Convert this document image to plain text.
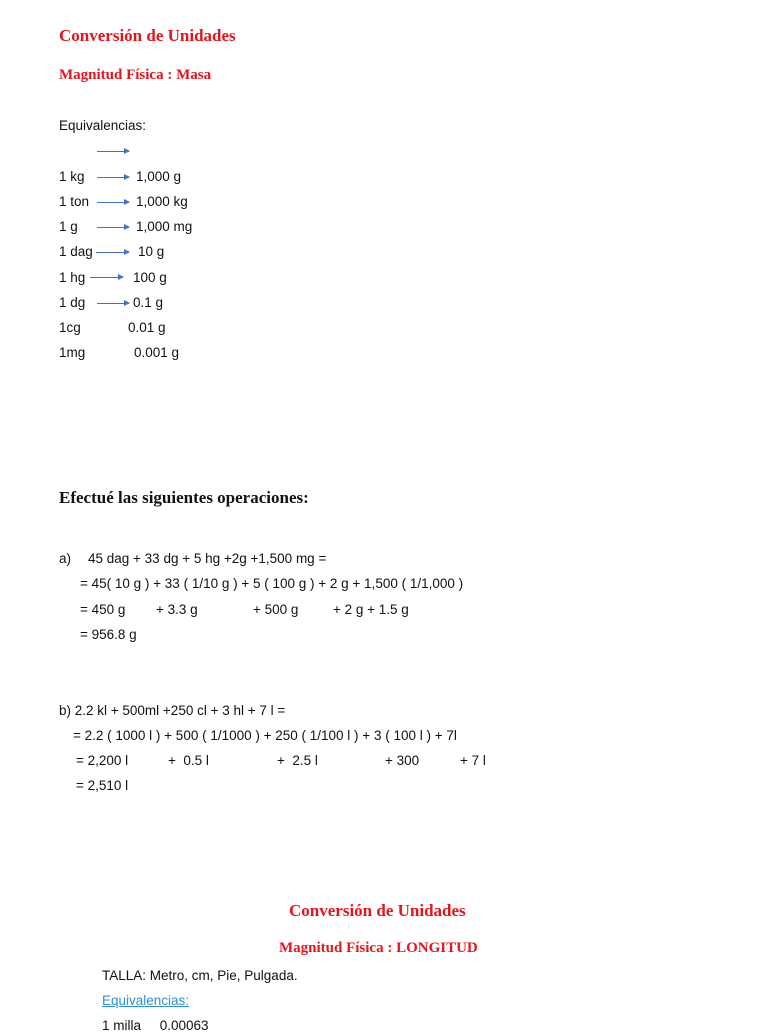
Conversión de Unidades
Magnitud Física : Masa
Equivalencias:
1 kg	1,000 g
1 ton	1,000 kg
1 g	1,000 mg
1 dag	10 g
1 hg	100 g
1 dg	0.1 g
1cg	0.01 g
1mg	0.001 g
Efectué las siguientes operaciones:
a) 45 dag + 33 dg + 5 hg +2g +1,500 mg =
= 45( 10 g ) + 33 ( 1/10 g ) + 5 ( 100 g ) + 2 g + 1,500 ( 1/1,000 )
= 450 g + 3.3 g	+ 500 g	+ 2 g + 1.5 g
= 956.8 g
b) 2.2 kl + 500ml +250 cl + 3 hl + 7 l =
= 2.2 ( 1000 l ) + 500 ( 1/1000 ) + 250 ( 1/100 l ) + 3 ( 100 l ) + 7l
= 2,200 l	+  0.5 l	+  2.5 l	+ 300	+ 7 l
= 2,510 l
Conversión de Unidades
Magnitud Física : LONGITUD
TALLA: Metro, cm, Pie, Pulgada.
Equivalencias:
1 milla     0.00063
